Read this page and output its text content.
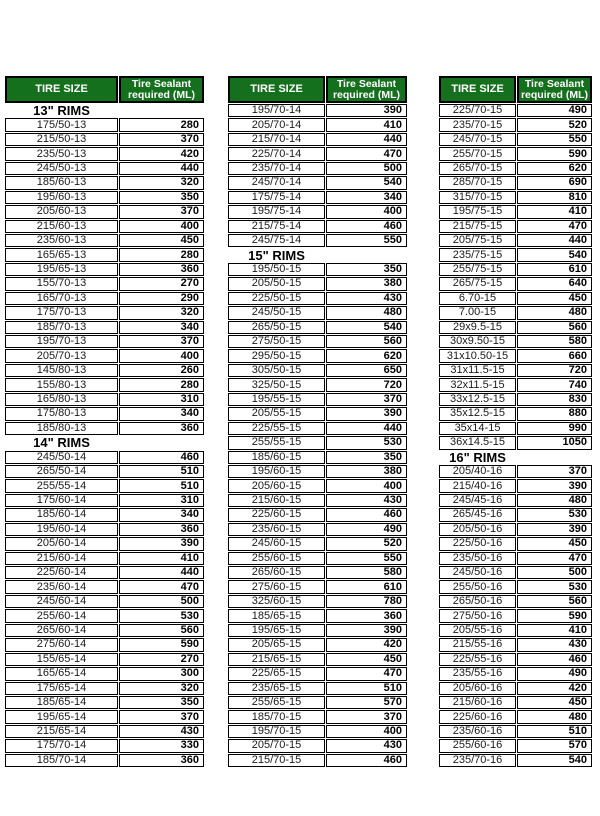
TIRE SIZE	Tire Sealant
required (ML)
13" RIMS
175/50-13	280
215/50-13	370
235/50-13	420
245/50-13	440
185/60-13	320
195/60-13	350
205/60-13	370
215/60-13	400
235/60-13	450
165/65-13	280
195/65-13	360
155/70-13	270
165/70-13	290
175/70-13	320
185/70-13	340
195/70-13	370
205/70-13	400
145/80-13	260
155/80-13	280
165/80-13	310
175/80-13	340
185/80-13	360
14" RIMS
245/50-14	460
265/50-14	510
255/55-14	510
175/60-14	310
185/60-14	340
195/60-14	360
205/60-14	390
215/60-14	410
225/60-14	440
235/60-14	470
245/60-14	500
255/60-14	530
265/60-14	560
275/60-14	590
155/65-14	270
165/65-14	300
175/65-14	320
185/65-14	350
195/65-14	370
215/65-14	430
175/70-14	330
185/70-14	360
TIRE SIZE	Tire Sealant
required (ML)
195/70-14	390
205/70-14	410
215/70-14	440
225/70-14	470
235/70-14	500
245/70-14	540
175/75-14	340
195/75-14	400
215/75-14	460
245/75-14	550
15" RIMS
195/50-15	350
205/50-15	380
225/50-15	430
245/50-15	480
265/50-15	540
275/50-15	560
295/50-15	620
305/50-15	650
325/50-15	720
195/55-15	370
205/55-15	390
225/55-15	440
255/55-15	530
185/60-15	350
195/60-15	380
205/60-15	400
215/60-15	430
225/60-15	460
235/60-15	490
245/60-15	520
255/60-15	550
265/60-15	580
275/60-15	610
325/60-15	780
185/65-15	360
195/65-15	390
205/65-15	420
215/65-15	450
225/65-15	470
235/65-15	510
255/65-15	570
185/70-15	370
195/70-15	400
205/70-15	430
215/70-15	460
TIRE SIZE	Tire Sealant
required (ML)
225/70-15	490
235/70-15	520
245/70-15	550
255/70-15	590
265/70-15	620
285/70-15	690
315/70-15	810
195/75-15	410
215/75-15	470
205/75-15	440
235/75-15	540
255/75-15	610
265/75-15	640
6.70-15	450
7.00-15	480
29x9.5-15	560
30x9.50-15	580
31x10.50-15	660
31x11.5-15	720
32x11.5-15	740
33x12.5-15	830
35x12.5-15	880
35x14-15	990
36x14.5-15	1050
16" RIMS
205/40-16	370
215/40-16	390
245/45-16	480
265/45-16	530
205/50-16	390
225/50-16	450
235/50-16	470
245/50-16	500
255/50-16	530
265/50-16	560
275/50-16	590
205/55-16	410
215/55-16	430
225/55-16	460
235/55-16	490
205/60-16	420
215/60-16	450
225/60-16	480
235/60-16	510
255/60-16	570
235/70-16	540
